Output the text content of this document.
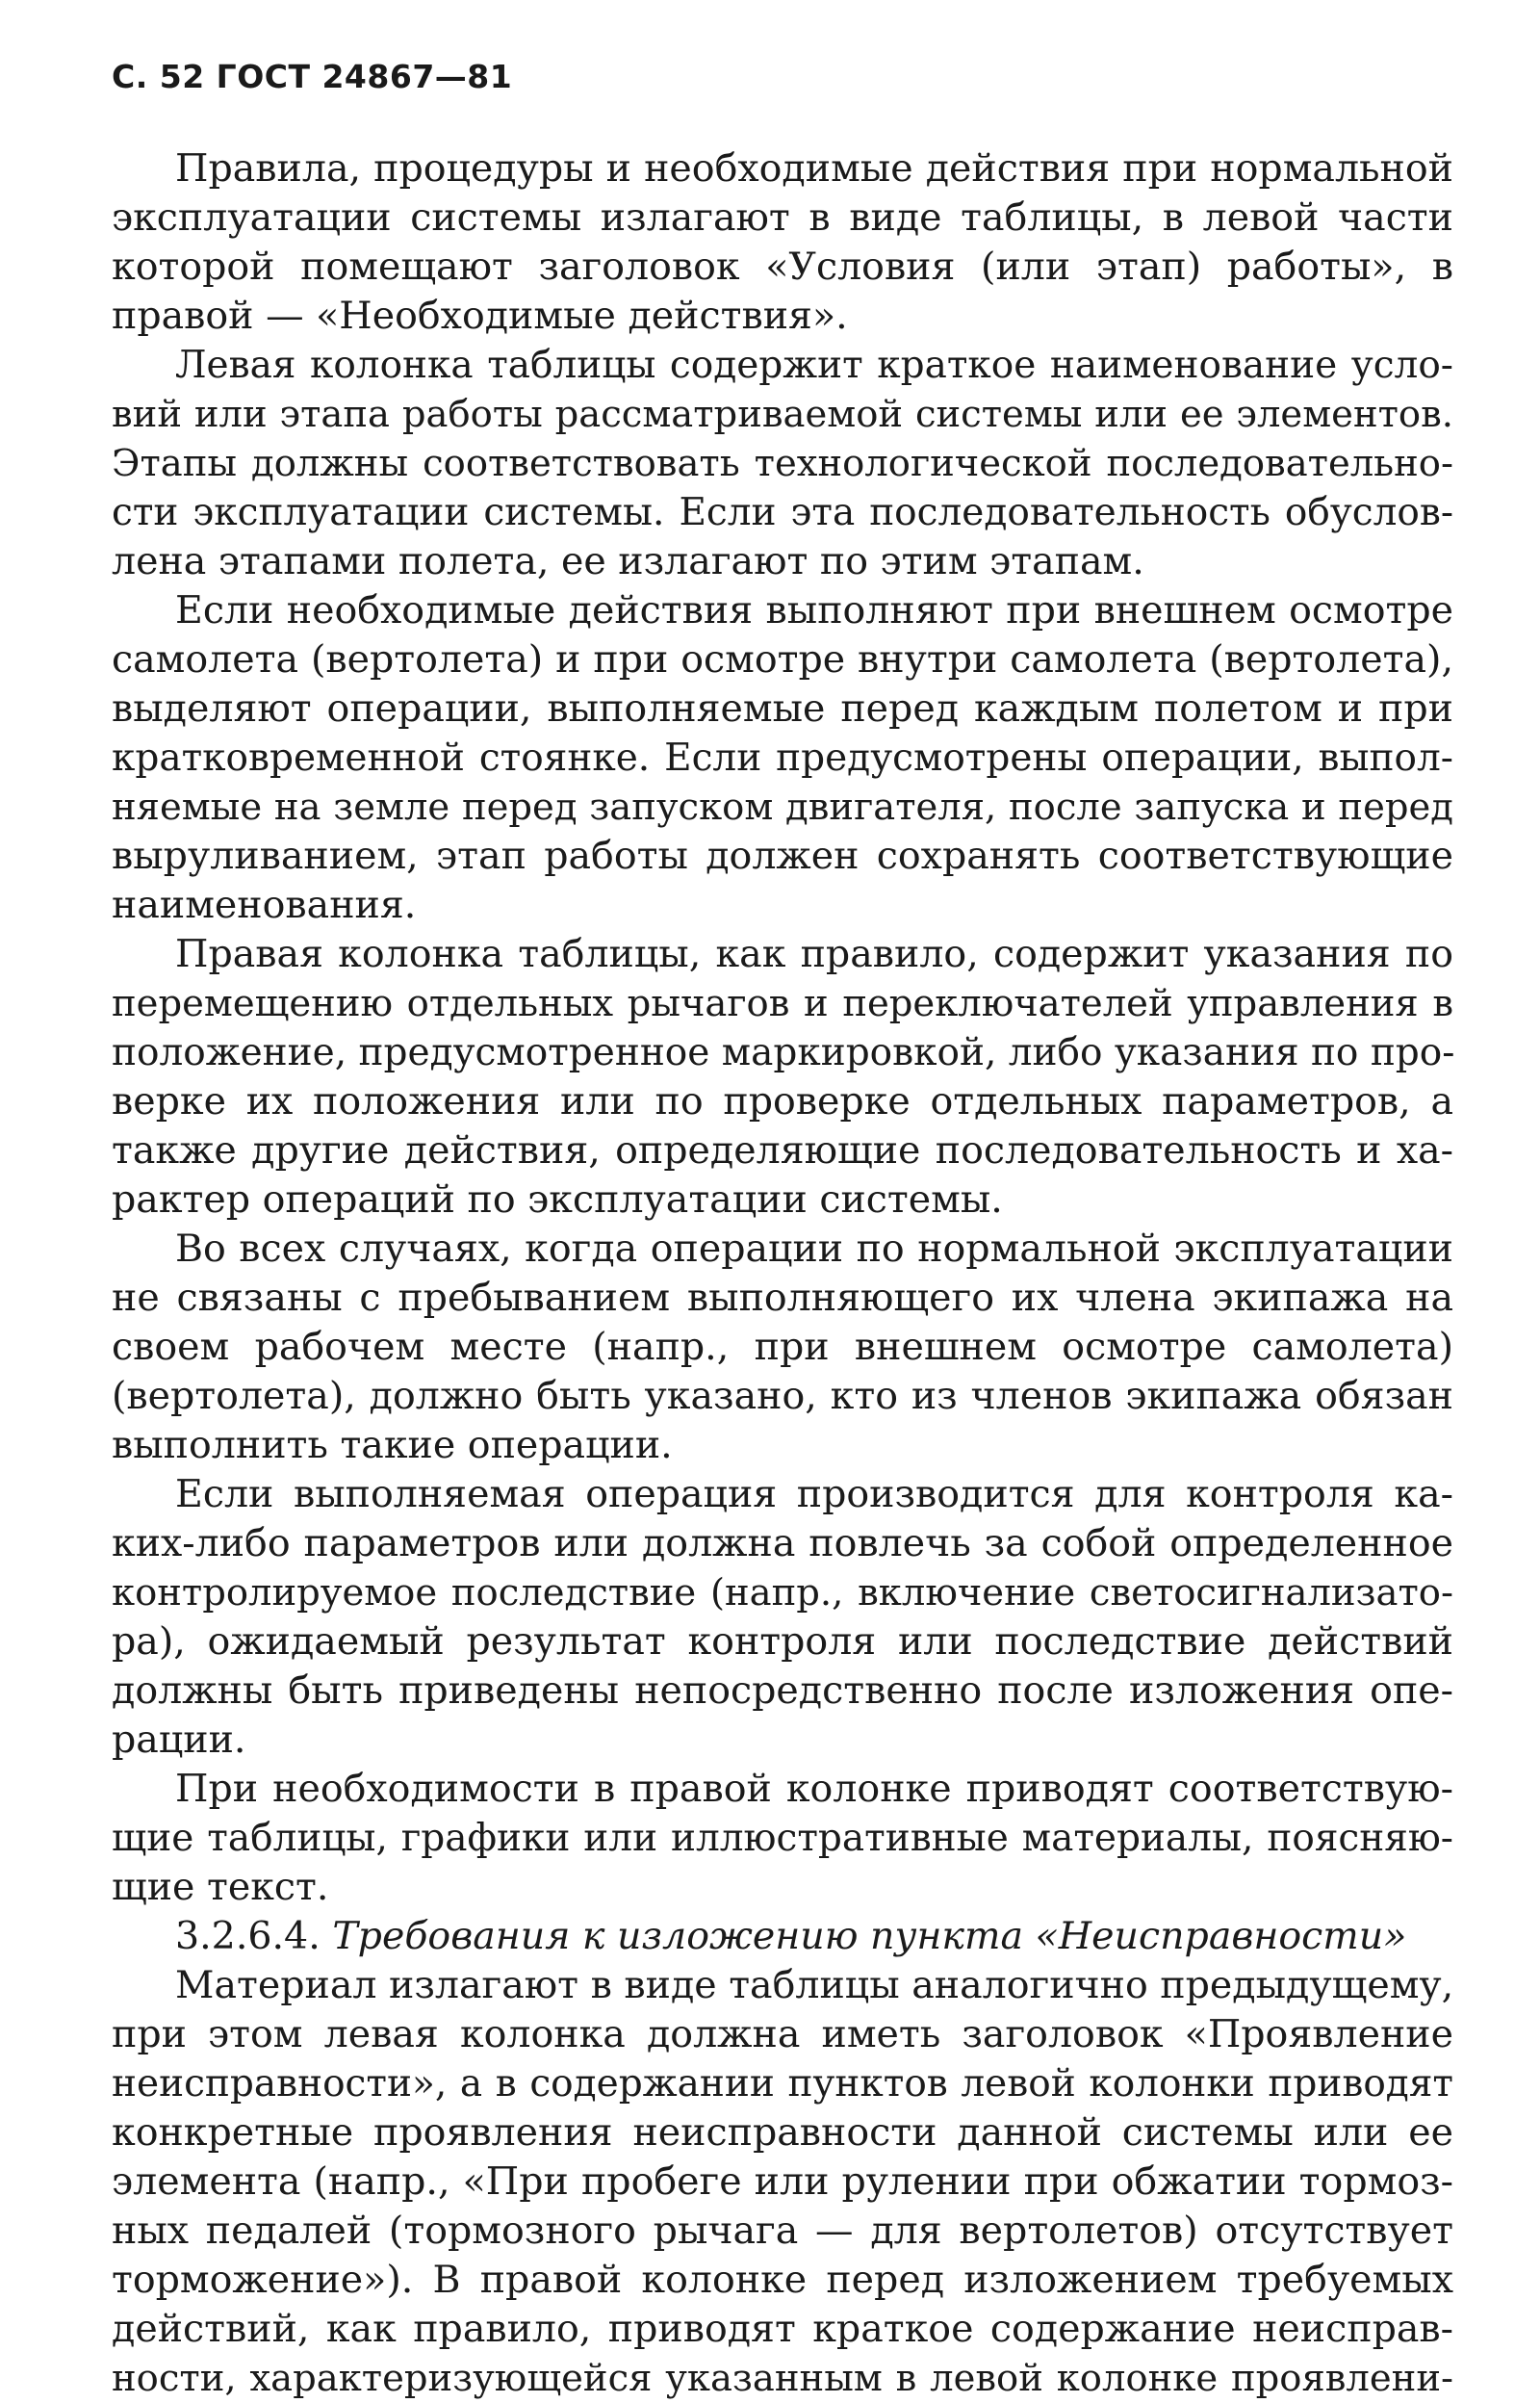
С. 52 ГОСТ 24867—81
Правила, процедуры и необходимые действия при нормальной
эксплуатации системы излагают в виде таблицы, в левой части
которой помещают заголовок «Условия (или этап) работы», в
правой — «Необходимые действия».
Левая колонка таблицы содержит краткое наименование усло-
вий или этапа работы рассматриваемой системы или ее элементов.
Этапы должны соответствовать технологической последовательно-
сти эксплуатации системы. Если эта последовательность обуслов-
лена этапами полета, ее излагают по этим этапам.
Если необходимые действия выполняют при внешнем осмотре
самолета (вертолета) и при осмотре внутри самолета (вертолета),
выделяют операции, выполняемые перед каждым полетом и при
кратковременной стоянке. Если предусмотрены операции, выпол-
няемые на земле перед запуском двигателя, после запуска и перед
выруливанием, этап работы должен сохранять соответствующие
наименования.
Правая колонка таблицы, как правило, содержит указания по
перемещению отдельных рычагов и переключателей управления в
положение, предусмотренное маркировкой, либо указания по про-
верке их положения или по проверке отдельных параметров, а
также другие действия, определяющие последовательность и ха-
рактер операций по эксплуатации системы.
Во всех случаях, когда операции по нормальной эксплуатации
не связаны с пребыванием выполняющего их члена экипажа на
своем рабочем месте (напр., при внешнем осмотре самолета)
(вертолета), должно быть указано, кто из членов экипажа обязан
выполнить такие операции.
Если выполняемая операция производится для контроля ка-
ких-либо параметров или должна повлечь за собой определенное
контролируемое последствие (напр., включение светосигнализато-
ра), ожидаемый результат контроля или последствие действий
должны быть приведены непосредственно после изложения опе-
рации.
При необходимости в правой колонке приводят соответствую-
щие таблицы, графики или иллюстративные материалы, поясняю-
щие текст.
3.2.6.4. Требования к изложению пункта «Неисправности»
Материал излагают в виде таблицы аналогично предыдущему,
при этом левая колонка должна иметь заголовок «Проявление
неисправности», а в содержании пунктов левой колонки приводят
конкретные проявления неисправности данной системы или ее
элемента (напр., «При пробеге или рулении при обжатии тормоз-
ных педалей (тормозного рычага — для вертолетов) отсутствует
торможение»). В правой колонке перед изложением требуемых
действий, как правило, приводят краткое содержание неисправ-
ности, характеризующейся указанным в левой колонке проявлени-
